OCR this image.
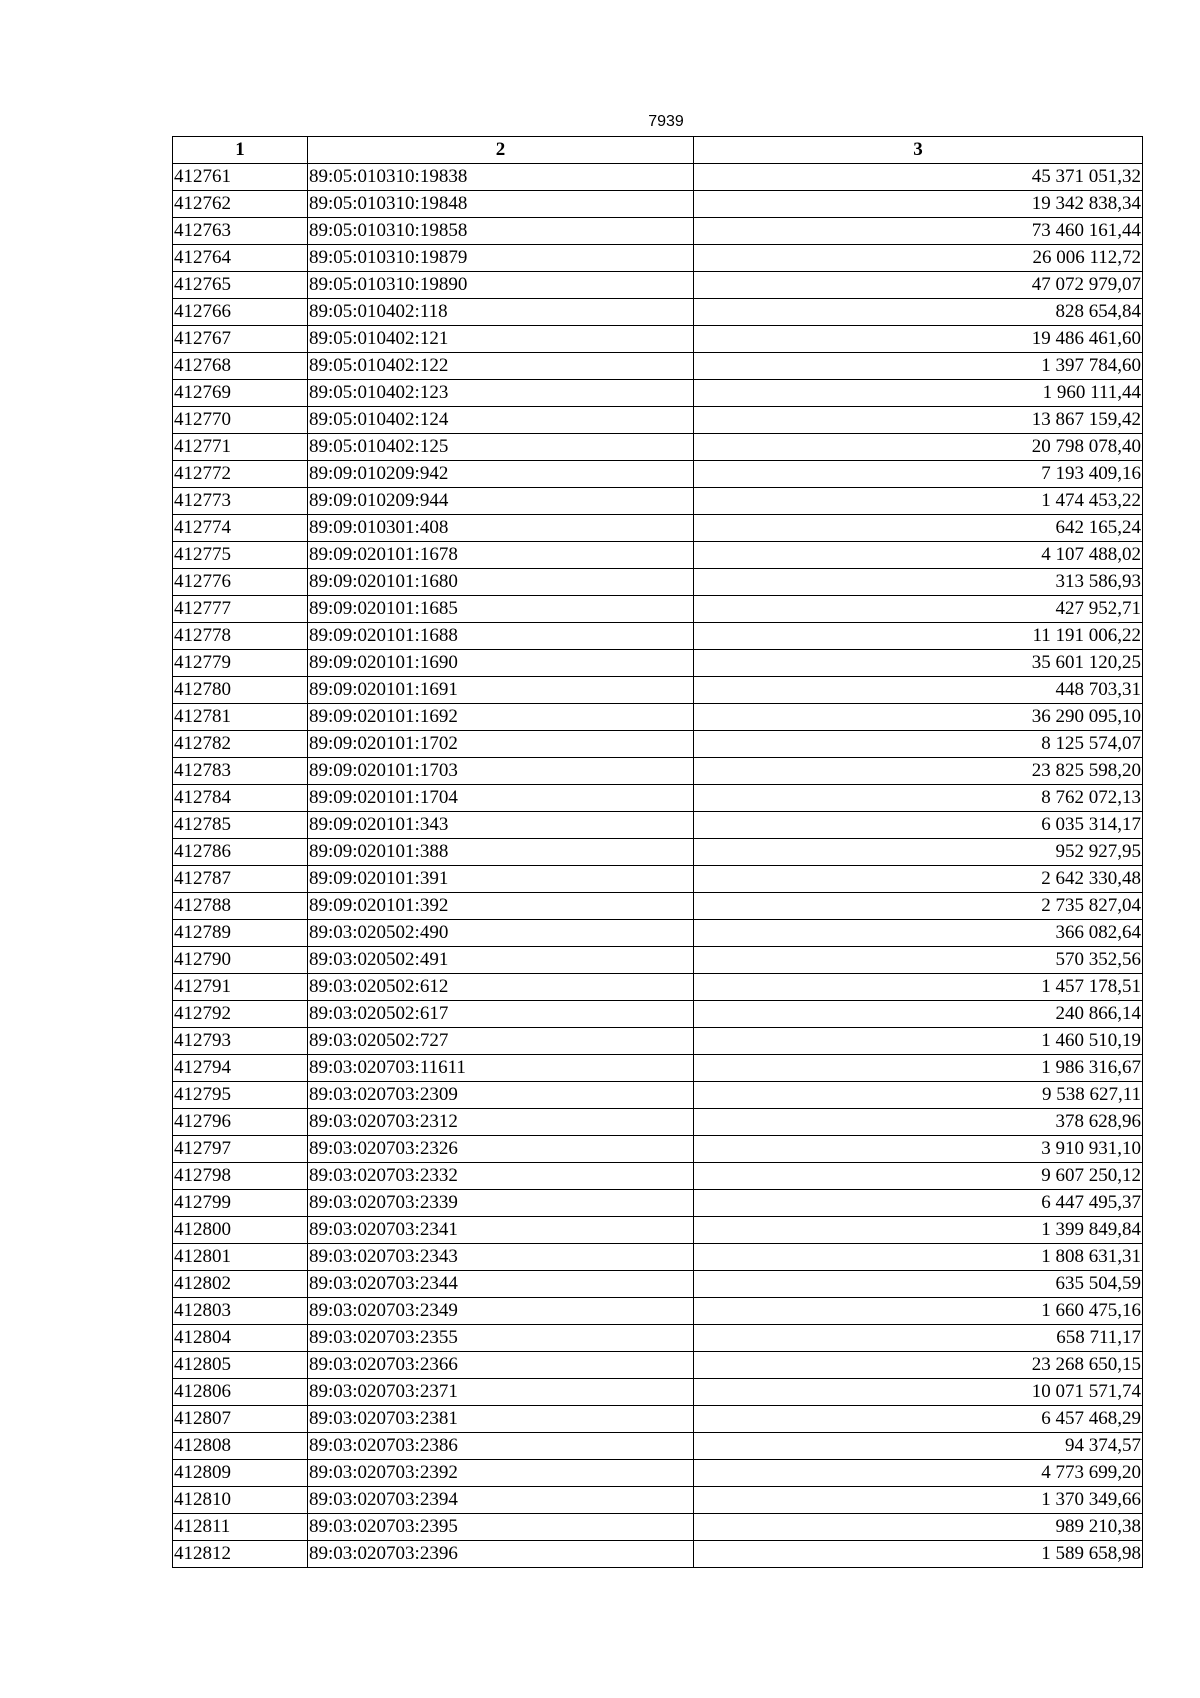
7939
1	2	3
412761	89:05:010310:19838	45 371 051,32
412762	89:05:010310:19848	19 342 838,34
412763	89:05:010310:19858	73 460 161,44
412764	89:05:010310:19879	26 006 112,72
412765	89:05:010310:19890	47 072 979,07
412766	89:05:010402:118	828 654,84
412767	89:05:010402:121	19 486 461,60
412768	89:05:010402:122	1 397 784,60
412769	89:05:010402:123	1 960 111,44
412770	89:05:010402:124	13 867 159,42
412771	89:05:010402:125	20 798 078,40
412772	89:09:010209:942	7 193 409,16
412773	89:09:010209:944	1 474 453,22
412774	89:09:010301:408	642 165,24
412775	89:09:020101:1678	4 107 488,02
412776	89:09:020101:1680	313 586,93
412777	89:09:020101:1685	427 952,71
412778	89:09:020101:1688	11 191 006,22
412779	89:09:020101:1690	35 601 120,25
412780	89:09:020101:1691	448 703,31
412781	89:09:020101:1692	36 290 095,10
412782	89:09:020101:1702	8 125 574,07
412783	89:09:020101:1703	23 825 598,20
412784	89:09:020101:1704	8 762 072,13
412785	89:09:020101:343	6 035 314,17
412786	89:09:020101:388	952 927,95
412787	89:09:020101:391	2 642 330,48
412788	89:09:020101:392	2 735 827,04
412789	89:03:020502:490	366 082,64
412790	89:03:020502:491	570 352,56
412791	89:03:020502:612	1 457 178,51
412792	89:03:020502:617	240 866,14
412793	89:03:020502:727	1 460 510,19
412794	89:03:020703:11611	1 986 316,67
412795	89:03:020703:2309	9 538 627,11
412796	89:03:020703:2312	378 628,96
412797	89:03:020703:2326	3 910 931,10
412798	89:03:020703:2332	9 607 250,12
412799	89:03:020703:2339	6 447 495,37
412800	89:03:020703:2341	1 399 849,84
412801	89:03:020703:2343	1 808 631,31
412802	89:03:020703:2344	635 504,59
412803	89:03:020703:2349	1 660 475,16
412804	89:03:020703:2355	658 711,17
412805	89:03:020703:2366	23 268 650,15
412806	89:03:020703:2371	10 071 571,74
412807	89:03:020703:2381	6 457 468,29
412808	89:03:020703:2386	94 374,57
412809	89:03:020703:2392	4 773 699,20
412810	89:03:020703:2394	1 370 349,66
412811	89:03:020703:2395	989 210,38
412812	89:03:020703:2396	1 589 658,98
